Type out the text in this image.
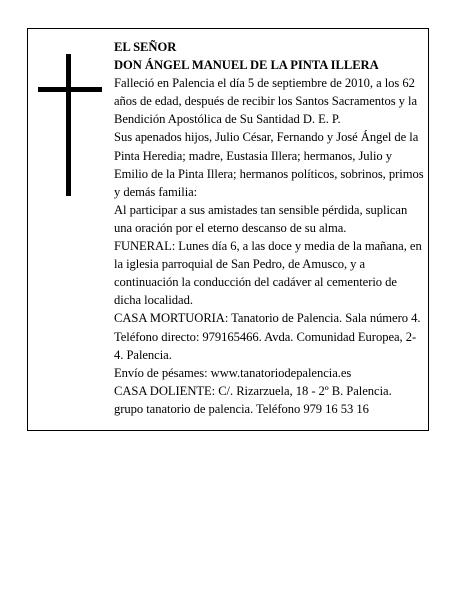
EL SEÑOR

DON ÁNGEL MANUEL DE LA PINTA ILLERA

Falleció en Palencia el día 5 de septiembre de 2010, a los 62 años de edad, después de recibir los Santos Sacramentos y la Bendición Apostólica de Su Santidad D. E. P.

Sus apenados hijos, Julio César, Fernando y José Ángel de la Pinta Heredia; madre, Eustasia Illera; hermanos, Julio y Emilio de la Pinta Illera; hermanos políticos, sobrinos, primos y demás familia:

Al participar a sus amistades tan sensible pérdida, suplican una oración por el eterno descanso de su alma.

FUNERAL: Lunes día 6, a las doce y media de la mañana, en la iglesia parroquial de San Pedro, de Amusco, y a continuación la conducción del cadáver al cementerio de dicha localidad.

CASA MORTUORIA: Tanatorio de Palencia. Sala número 4. Teléfono directo: 979165466. Avda. Comunidad Europea, 2-4. Palencia.

Envío de pésames: www.tanatoriodepalencia.es

CASA DOLIENTE: C/. Rizarzuela, 18 - 2º B. Palencia.

grupo tanatorio de palencia. Teléfono 979 16 53 16
